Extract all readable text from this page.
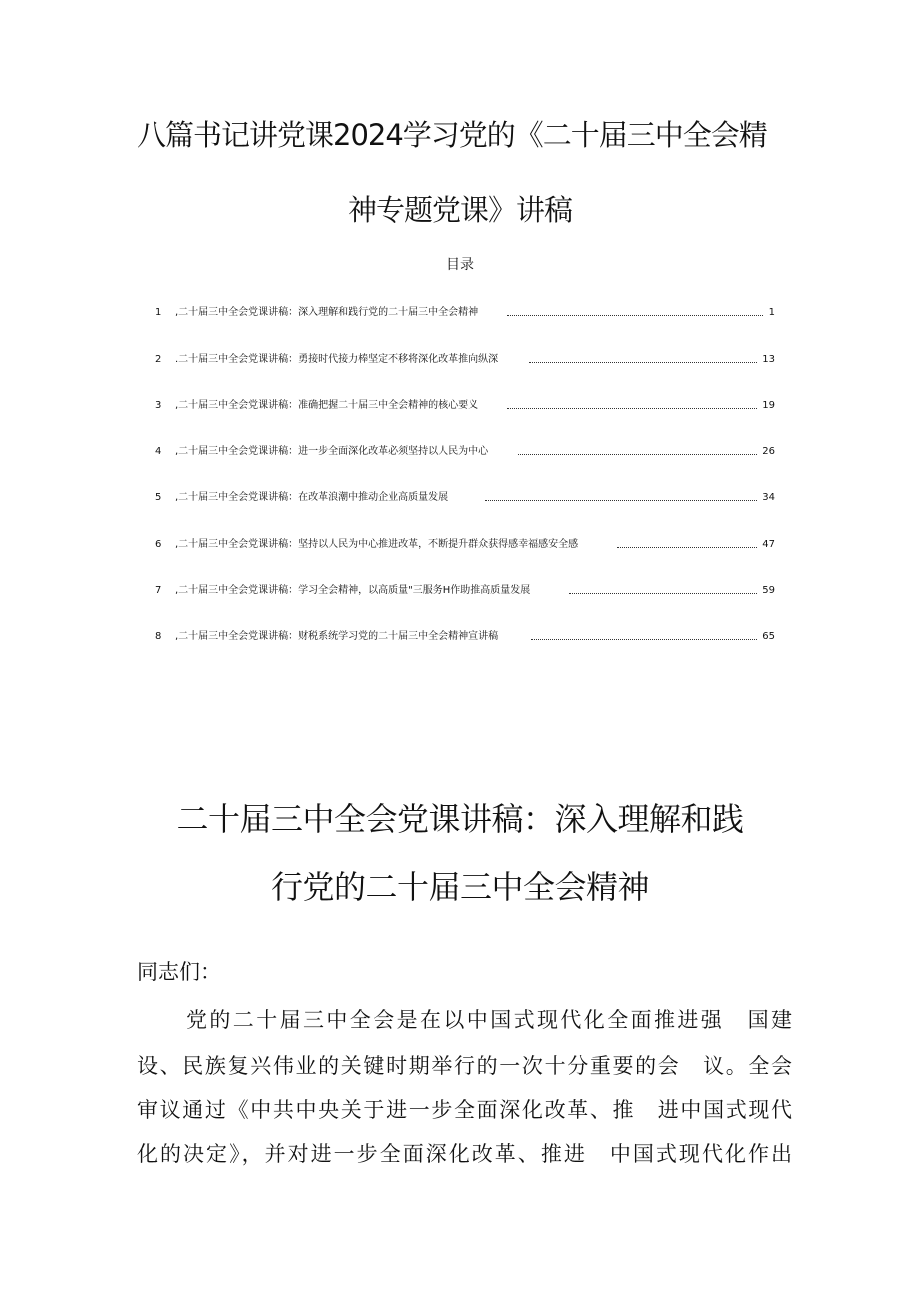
八篇书记讲党课2024学习党的《二十届三中全会精
神专题党课》讲稿
目录
1	,二十届三中全会党课讲稿：深入理解和践行党的二十届三中全会精神	1
2	.二十届三中全会党课讲稿：勇接时代接力棒坚定不移将深化改革推向纵深	13
3	,二十届三中全会党课讲稿：准确把握二十届三中全会精神的核心要义	19
4	,二十届三中全会党课讲稿：进一步全面深化改革必须坚持以人民为中心	26
5	,二十届三中全会党课讲稿：在改革浪潮中推动企业高质量发展	34
6	,二十届三中全会党课讲稿：坚持以人民为中心推进改革，不断提升群众获得感幸福感安全感	47
7	,二十届三中全会党课讲稿：学习全会精神，以高质量"三服务H作助推高质量发展	59
8	,二十届三中全会党课讲稿：财税系统学习党的二十届三中全会精神宣讲稿	65
二十届三中全会党课讲稿：深入理解和践
行党的二十届三中全会精神
同志们：
党的二十届三中全会是在以中国式现代化全面推进强　国建
设、民族复兴伟业的关键时期举行的一次十分重要的会　议。全会
审议通过《中共中央关于进一步全面深化改革、推　进中国式现代
化的决定》，并对进一步全面深化改革、推进　中国式现代化作出
